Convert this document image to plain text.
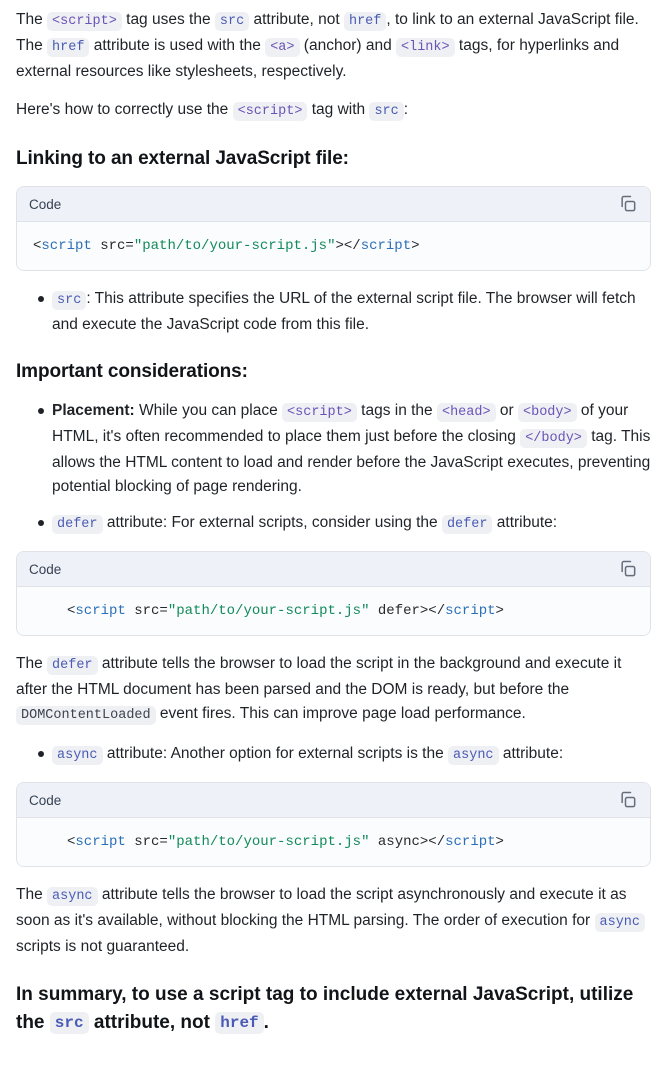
The <script> tag uses the src attribute, not href , to link to an external JavaScript file. The href attribute is used with the <a> (anchor) and <link> tags, for hyperlinks and external resources like stylesheets, respectively.

Here's how to correctly use the <script> tag with src :

Linking to an external JavaScript file:
Code
<script src="path/to/your-script.js"></script>
src : This attribute specifies the URL of the external script file. The browser will fetch and execute the JavaScript code from this file.
Important considerations:
Placement: While you can place <script> tags in the <head> or <body> of your HTML, it's often recommended to place them just before the closing </body> tag. This allows the HTML content to load and render before the JavaScript executes, preventing potential blocking of page rendering.
defer attribute: For external scripts, consider using the defer attribute:
Code
<script src="path/to/your-script.js" defer></script>

The defer attribute tells the browser to load the script in the background and execute it after the HTML document has been parsed and the DOM is ready, but before the DOMContentLoaded event fires. This can improve page load performance.

async attribute: Another option for external scripts is the async attribute:
Code
<script src="path/to/your-script.js" async></script>

The async attribute tells the browser to load the script asynchronously and execute it as soon as it's available, without blocking the HTML parsing. The order of execution for async scripts is not guaranteed.

In summary, to use a script tag to include external JavaScript, utilize the src attribute, not href .
